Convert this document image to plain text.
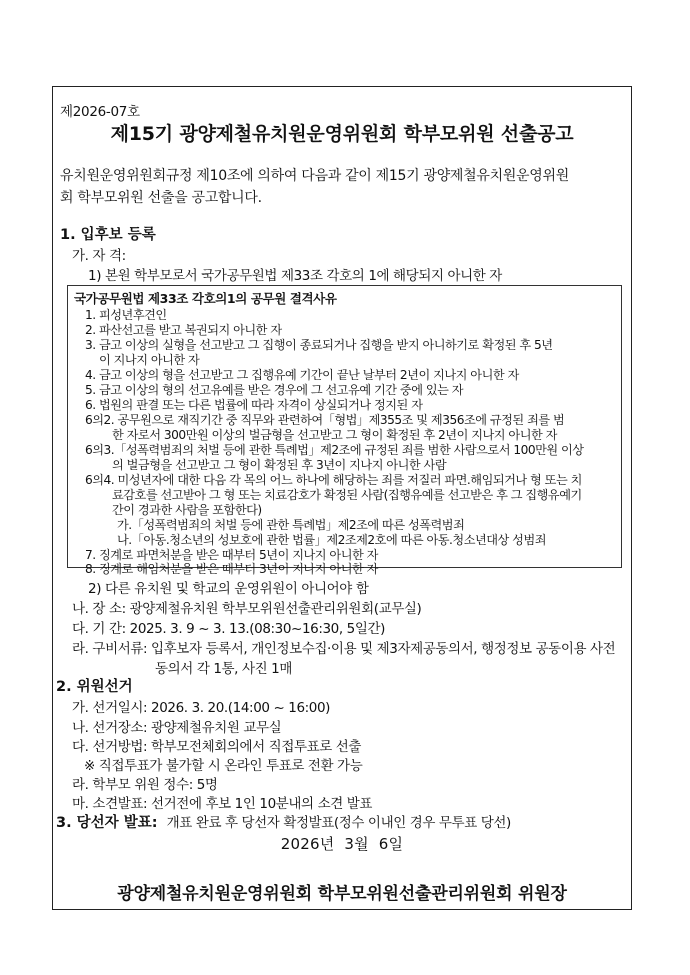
제2026-07호
제15기 광양제철유치원운영위원회 학부모위원 선출공고
유치원운영위원회규정 제10조에 의하여 다음과 같이 제15기 광양제철유치원운영위원
회 학부모위원 선출을 공고합니다.
1. 입후보 등록
가. 자 격:
1) 본원 학부모로서 국가공무원법 제33조 각호의 1에 해당되지 아니한 자
국가공무원법 제33조 각호의1의 공무원 결격사유
1. 피성년후견인
2. 파산선고를 받고 복권되지 아니한 자
3. 금고 이상의 실형을 선고받고 그 집행이 종료되거나 집행을 받지 아니하기로 확정된 후 5년
이 지나지 아니한 자
4. 금고 이상의 형을 선고받고 그 집행유예 기간이 끝난 날부터 2년이 지나지 아니한 자
5. 금고 이상의 형의 선고유예를 받은 경우에 그 선고유예 기간 중에 있는 자
6. 법원의 판결 또는 다른 법률에 따라 자격이 상실되거나 정지된 자
6의2. 공무원으로 재직기간 중 직무와 관련하여「형법」제355조 및 제356조에 규정된 죄를 범
한 자로서 300만원 이상의 벌금형을 선고받고 그 형이 확정된 후 2년이 지나지 아니한 자
6의3.「성폭력범죄의 처벌 등에 관한 특례법」제2조에 규정된 죄를 범한 사람으로서 100만원 이상
의 벌금형을 선고받고 그 형이 확정된 후 3년이 지나지 아니한 사람
6의4. 미성년자에 대한 다음 각 목의 어느 하나에 해당하는 죄를 저질러 파면.해임되거나 형 또는 치
료감호를 선고받아 그 형 또는 치료감호가 확정된 사람(집행유예를 선고받은 후 그 집행유예기
간이 경과한 사람을 포함한다)
가.「성폭력범죄의 처벌 등에 관한 특례법」제2조에 따른 성폭력범죄
나.「아동.청소년의 성보호에 관한 법률」제2조제2호에 따른 아동.청소년대상 성범죄
7. 징계로 파면처분을 받은 때부터 5년이 지나지 아니한 자
8. 징계로 해임처분을 받은 때부터 3년이 지나지 아니한 자
2) 다른 유치원 및 학교의 운영위원이 아니어야 함
나. 장 소: 광양제철유치원 학부모위원선출관리위원회(교무실)
다. 기 간: 2025. 3. 9 ~ 3. 13.(08:30~16:30, 5일간)
라. 구비서류: 입후보자 등록서, 개인정보수집·이용 및 제3자제공동의서, 행정정보 공동이용 사전
동의서 각 1통, 사진 1매
2. 위원선거
가. 선거일시: 2026. 3. 20.(14:00 ~ 16:00)
나. 선거장소: 광양제철유치원 교무실
다. 선거방법: 학부모전체회의에서 직접투표로 선출
※ 직접투표가 불가할 시 온라인 투표로 전환 가능
라. 학부모 위원 정수: 5명
마. 소견발표: 선거전에 후보 1인 10분내의 소견 발표
3. 당선자 발표: 개표 완료 후 당선자 확정발표(정수 이내인 경우 무투표 당선)
2026년  3월  6일
광양제철유치원운영위원회 학부모위원선출관리위원회 위원장
